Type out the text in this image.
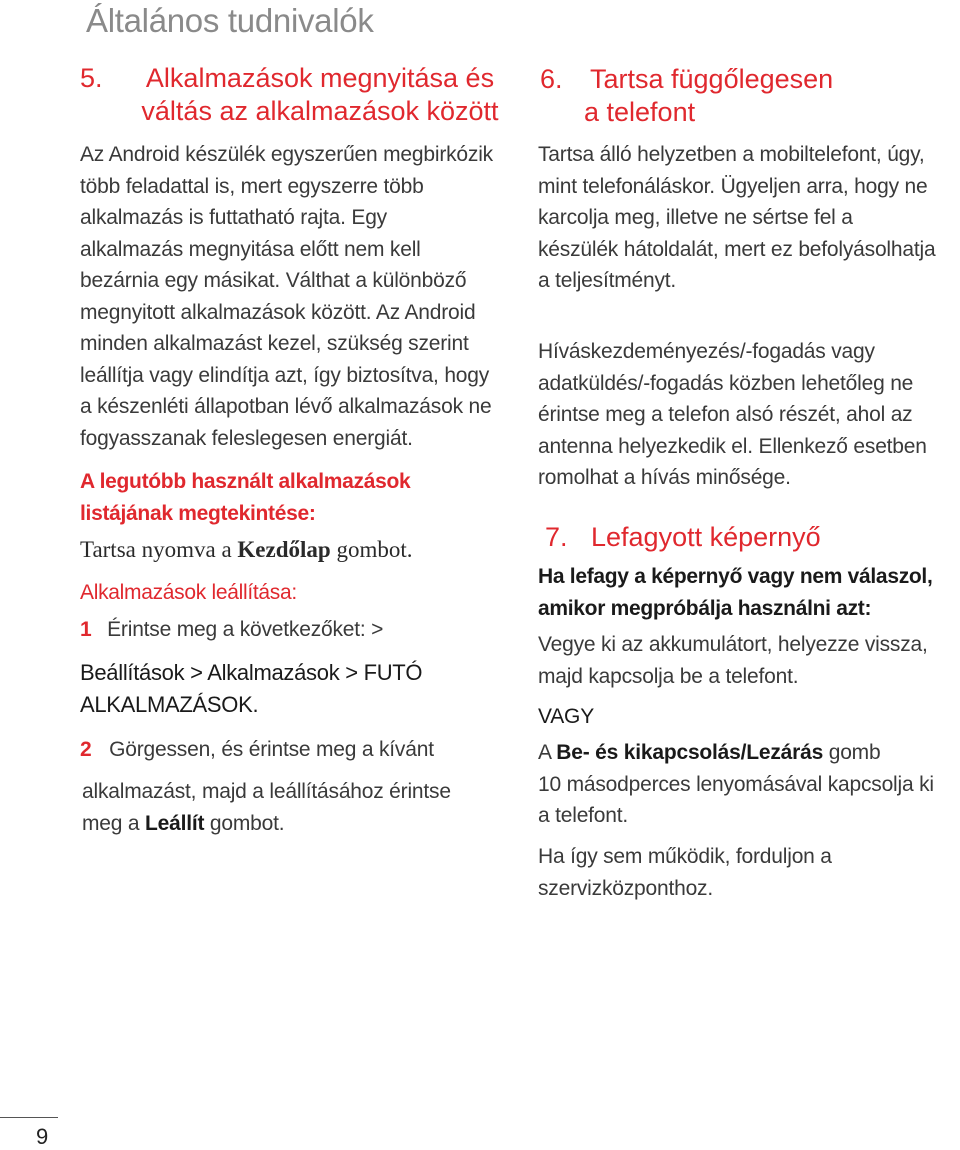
Általános tudnivalók
5.	Alkalmazások megnyitása és váltás az alkalmazások között
Az Android készülék egyszerűen megbirkózik
több feladattal is, mert egyszerre több
alkalmazás is futtatható rajta. Egy
alkalmazás megnyitása előtt nem kell
bezárnia egy másikat. Válthat a különböző
megnyitott alkalmazások között. Az Android
minden alkalmazást kezel, szükség szerint
leállítja vagy elindítja azt, így biztosítva, hogy
a készenléti állapotban lévő alkalmazások ne
fogyasszanak feleslegesen energiát.
A legutóbb használt alkalmazások
listájának megtekintése:
Tartsa nyomva a Kezdőlap gombot.
Alkalmazások leállítása:
1 Érintse meg a következőket: >
Beállítások > Alkalmazások > FUTÓ
ALKALMAZÁSOK.
2 Görgessen, és érintse meg a kívánt
alkalmazást, majd a leállításához érintse
meg a Leállít gombot.
6.	Tartsa függőlegesen
a telefont
Tartsa álló helyzetben a mobiltelefont, úgy,
mint telefonáláskor. Ügyeljen arra, hogy ne
karcolja meg, illetve ne sértse fel a
készülék hátoldalát, mert ez befolyásolhatja
a teljesítményt.
Híváskezdeményezés/-fogadás vagy
adatküldés/-fogadás közben lehetőleg ne
érintse meg a telefon alsó részét, ahol az
antenna helyezkedik el. Ellenkező esetben
romolhat a hívás minősége.
7. Lefagyott képernyő
Ha lefagy a képernyő vagy nem válaszol,
amikor megpróbálja használni azt:
Vegye ki az akkumulátort, helyezze vissza,
majd kapcsolja be a telefont.
VAGY
A Be- és kikapcsolás/Lezárás gomb
10 másodperces lenyomásával kapcsolja ki
a telefont.
Ha így sem működik, forduljon a
szervizközponthoz.
9
